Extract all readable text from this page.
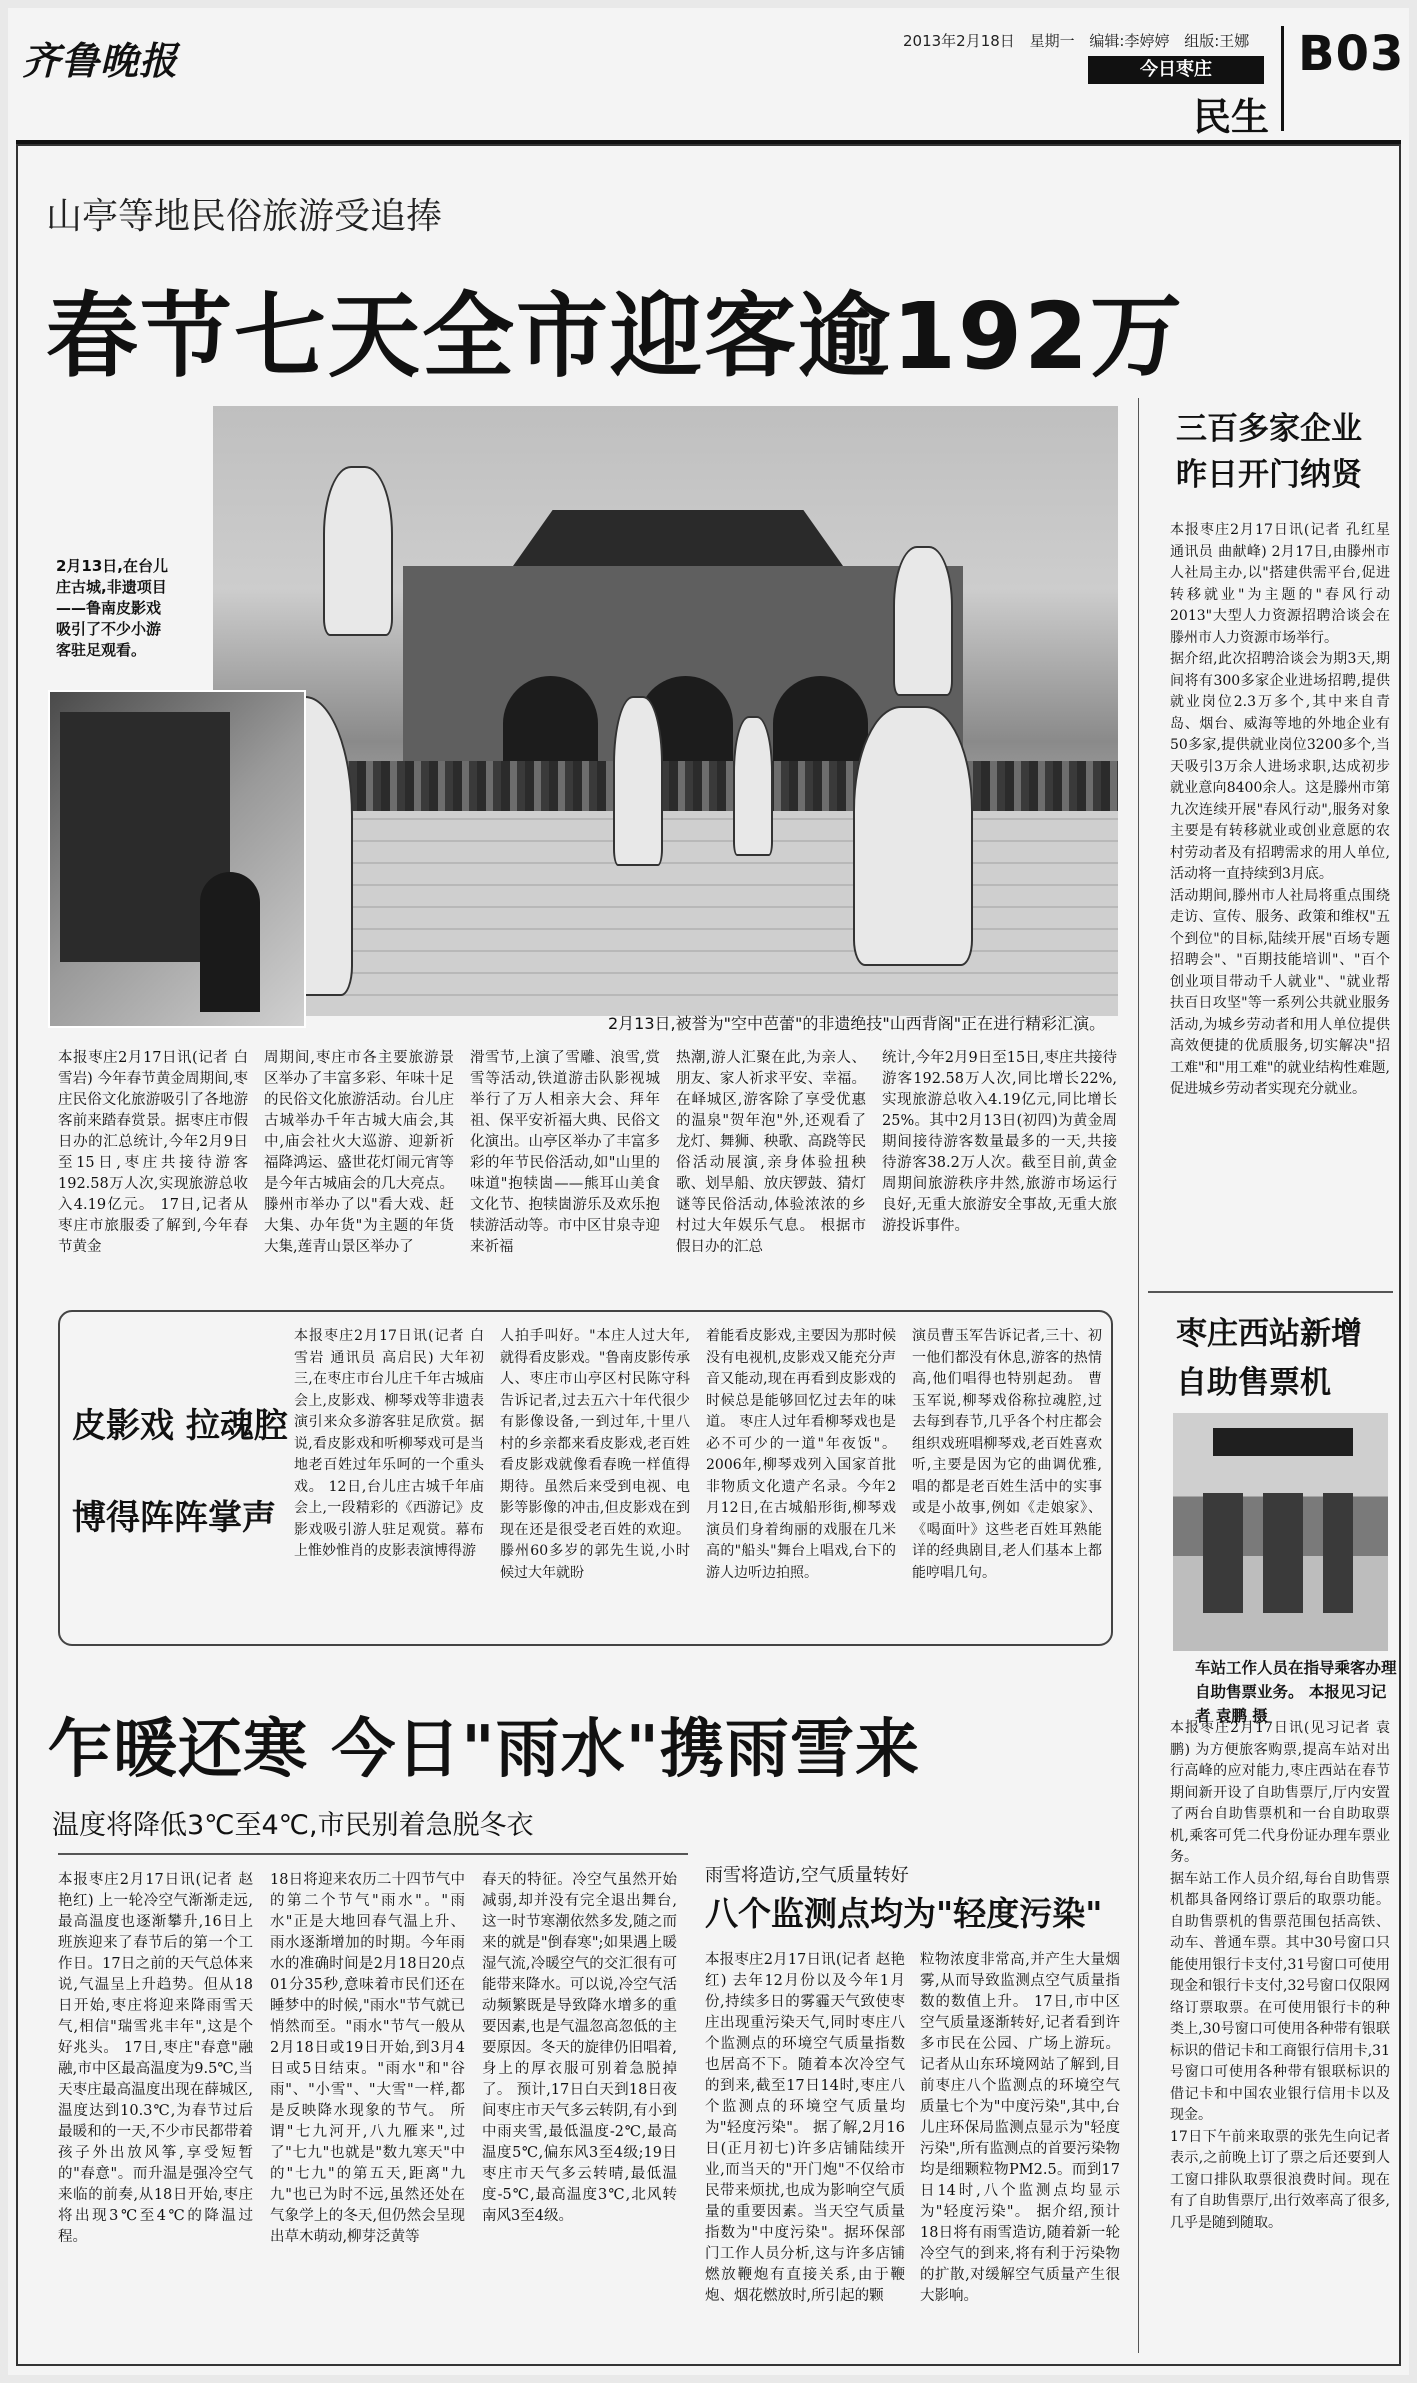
齐鲁晚报	2013年2月18日 星期一 编辑:李婷婷 组版:王娜
今日枣庄
民生
B03
山亭等地民俗旅游受追捧
春节七天全市迎客逾192万
2月13日,在台儿庄古城,非遗项目——鲁南皮影戏吸引了不少小游客驻足观看。
2月13日,被誉为"空中芭蕾"的非遗绝技"山西背阁"正在进行精彩汇演。
本报枣庄2月17日讯(记者 白雪岩) 今年春节黄金周期间,枣庄民俗文化旅游吸引了各地游客前来踏春赏景。据枣庄市假日办的汇总统计,今年2月9日至15日,枣庄共接待游客192.58万人次,实现旅游总收入4.19亿元。 17日,记者从枣庄市旅服委了解到,今年春节黄金
周期间,枣庄市各主要旅游景区举办了丰富多彩、年味十足的民俗文化旅游活动。台儿庄古城举办千年古城大庙会,其中,庙会社火大巡游、迎新祈福降鸿运、盛世花灯闹元宵等是今年古城庙会的几大亮点。滕州市举办了以"看大戏、赶大集、办年货"为主题的年货大集,莲青山景区举办了
滑雪节,上演了雪雕、浪雪,赏雪等活动,铁道游击队影视城举行了万人相亲大会、拜年祖、保平安祈福大典、民俗文化演出。山亭区举办了丰富多彩的年节民俗活动,如"山里的味道"抱犊崮——熊耳山美食文化节、抱犊崮游乐及欢乐抱犊游活动等。市中区甘泉寺迎来祈福
热潮,游人汇聚在此,为亲人、朋友、家人祈求平安、幸福。在峄城区,游客除了享受优惠的温泉"贺年泡"外,还观看了龙灯、舞狮、秧歌、高跷等民俗活动展演,亲身体验扭秧歌、划旱船、放庆锣鼓、猜灯谜等民俗活动,体验浓浓的乡村过大年娱乐气息。 根据市假日办的汇总
统计,今年2月9日至15日,枣庄共接待游客192.58万人次,同比增长22%,实现旅游总收入4.19亿元,同比增长25%。其中2月13日(初四)为黄金周期间接待游客数量最多的一天,共接待游客38.2万人次。截至目前,黄金周期间旅游秩序井然,旅游市场运行良好,无重大旅游安全事故,无重大旅游投诉事件。
三百多家企业
昨日开门纳贤
本报枣庄2月17日讯(记者 孔红星 通讯员 曲献峰) 2月17日,由滕州市人社局主办,以"搭建供需平台,促进转移就业"为主题的"春风行动2013"大型人力资源招聘洽谈会在滕州市人力资源市场举行。
据介绍,此次招聘洽谈会为期3天,期间将有300多家企业进场招聘,提供就业岗位2.3万多个,其中来自青岛、烟台、威海等地的外地企业有50多家,提供就业岗位3200多个,当天吸引3万余人进场求职,达成初步就业意向8400余人。这是滕州市第九次连续开展"春风行动",服务对象主要是有转移就业或创业意愿的农村劳动者及有招聘需求的用人单位,活动将一直持续到3月底。
活动期间,滕州市人社局将重点围绕走访、宣传、服务、政策和维权"五个到位"的目标,陆续开展"百场专题招聘会"、"百期技能培训"、"百个创业项目带动千人就业"、"就业帮扶百日攻坚"等一系列公共就业服务活动,为城乡劳动者和用人单位提供高效便捷的优质服务,切实解决"招工难"和"用工难"的就业结构性难题,促进城乡劳动者实现充分就业。
枣庄西站新增
自助售票机
车站工作人员在指导乘客办理自助售票业务。 本报见习记者 袁鹏 摄
本报枣庄2月17日讯(见习记者 袁鹏) 为方便旅客购票,提高车站对出行高峰的应对能力,枣庄西站在春节期间新开设了自助售票厅,厅内安置了两台自助售票机和一台自助取票机,乘客可凭二代身份证办理车票业务。
据车站工作人员介绍,每台自助售票机都具备网络订票后的取票功能。自助售票机的售票范围包括高铁、动车、普通车票。其中30号窗口只能使用银行卡支付,31号窗口可使用现金和银行卡支付,32号窗口仅限网络订票取票。在可使用银行卡的种类上,30号窗口可使用各种带有银联标识的借记卡和工商银行信用卡,31号窗口可使用各种带有银联标识的借记卡和中国农业银行信用卡以及现金。
17日下午前来取票的张先生向记者表示,之前晚上订了票之后还要到人工窗口排队取票很浪费时间。现在有了自助售票厅,出行效率高了很多,几乎是随到随取。
皮影戏 拉魂腔
博得阵阵掌声
本报枣庄2月17日讯(记者 白雪岩 通讯员 高启民) 大年初三,在枣庄市台儿庄千年古城庙会上,皮影戏、柳琴戏等非遗表演引来众多游客驻足欣赏。据说,看皮影戏和听柳琴戏可是当地老百姓过年乐呵的一个重头戏。 12日,台儿庄古城千年庙会上,一段精彩的《西游记》皮影戏吸引游人驻足观赏。幕布上惟妙惟肖的皮影表演博得游
人拍手叫好。"本庄人过大年,就得看皮影戏。"鲁南皮影传承人、枣庄市山亭区村民陈守科告诉记者,过去五六十年代很少有影像设备,一到过年,十里八村的乡亲都来看皮影戏,老百姓看皮影戏就像看春晚一样值得期待。虽然后来受到电视、电影等影像的冲击,但皮影戏在到现在还是很受老百姓的欢迎。 滕州60多岁的郭先生说,小时候过大年就盼
着能看皮影戏,主要因为那时候没有电视机,皮影戏又能充分声音又能动,现在再看到皮影戏的时候总是能够回忆过去年的味道。 枣庄人过年看柳琴戏也是必不可少的一道"年夜饭"。2006年,柳琴戏列入国家首批非物质文化遗产名录。今年2月12日,在古城船形街,柳琴戏演员们身着绚丽的戏服在几米高的"船头"舞台上唱戏,台下的游人边听边拍照。
演员曹玉军告诉记者,三十、初一他们都没有休息,游客的热情高,他们唱得也特别起劲。 曹玉军说,柳琴戏俗称拉魂腔,过去每到春节,几乎各个村庄都会组织戏班唱柳琴戏,老百姓喜欢听,主要是因为它的曲调优雅,唱的都是老百姓生活中的实事或是小故事,例如《走娘家》、《喝面叶》这些老百姓耳熟能详的经典剧目,老人们基本上都能哼唱几句。
乍暖还寒 今日"雨水"携雨雪来
温度将降低3℃至4℃,市民别着急脱冬衣
本报枣庄2月17日讯(记者 赵艳红) 上一轮冷空气渐渐走远,最高温度也逐渐攀升,16日上班族迎来了春节后的第一个工作日。17日之前的天气总体来说,气温呈上升趋势。但从18日开始,枣庄将迎来降雨雪天气,相信"瑞雪兆丰年",这是个好兆头。 17日,枣庄"春意"融融,市中区最高温度为9.5℃,当天枣庄最高温度出现在薛城区,温度达到10.3℃,为春节过后最暖和的一天,不少市民都带着孩子外出放风筝,享受短暂的"春意"。而升温是强冷空气来临的前奏,从18日开始,枣庄将出现3℃至4℃的降温过程。
18日将迎来农历二十四节气中的第二个节气"雨水"。"雨水"正是大地回春气温上升、雨水逐渐增加的时期。今年雨水的准确时间是2月18日20点01分35秒,意味着市民们还在睡梦中的时候,"雨水"节气就已悄然而至。"雨水"节气一般从2月18日或19日开始,到3月4日或5日结束。"雨水"和"谷雨"、"小雪"、"大雪"一样,都是反映降水现象的节气。 所谓"七九河开,八九雁来",过了"七九"也就是"数九寒天"中的"七九"的第五天,距离"九九"也已为时不远,虽然还处在气象学上的冬天,但仍然会呈现出草木萌动,柳芽泛黄等
春天的特征。冷空气虽然开始减弱,却并没有完全退出舞台,这一时节寒潮依然多发,随之而来的就是"倒春寒";如果遇上暖湿气流,冷暖空气的交汇很有可能带来降水。可以说,冷空气活动频繁既是导致降水增多的重要因素,也是气温忽高忽低的主要原因。冬天的旋律仍旧唱着,身上的厚衣服可别着急脱掉了。 预计,17日白天到18日夜间枣庄市天气多云转阴,有小到中雨夹雪,最低温度-2℃,最高温度5℃,偏东风3至4级;19日枣庄市天气多云转晴,最低温度-5℃,最高温度3℃,北风转南风3至4级。
雨雪将造访,空气质量转好
八个监测点均为"轻度污染"
本报枣庄2月17日讯(记者 赵艳红) 去年12月份以及今年1月份,持续多日的雾霾天气致使枣庄出现重污染天气,同时枣庄八个监测点的环境空气质量指数也居高不下。随着本次冷空气的到来,截至17日14时,枣庄八个监测点的环境空气质量均为"轻度污染"。 据了解,2月16日(正月初七)许多店铺陆续开业,而当天的"开门炮"不仅给市民带来烦扰,也成为影响空气质量的重要因素。当天空气质量指数为"中度污染"。据环保部门工作人员分析,这与许多店铺燃放鞭炮有直接关系,由于鞭炮、烟花燃放时,所引起的颗
粒物浓度非常高,并产生大量烟雾,从而导致监测点空气质量指数的数值上升。 17日,市中区空气质量逐渐转好,记者看到许多市民在公园、广场上游玩。记者从山东环境网站了解到,目前枣庄八个监测点的环境空气质量七个为"中度污染",其中,台儿庄环保局监测点显示为"轻度污染",所有监测点的首要污染物均是细颗粒物PM2.5。而到17日14时,八个监测点均显示为"轻度污染"。 据介绍,预计18日将有雨雪造访,随着新一轮冷空气的到来,将有利于污染物的扩散,对缓解空气质量产生很大影响。
